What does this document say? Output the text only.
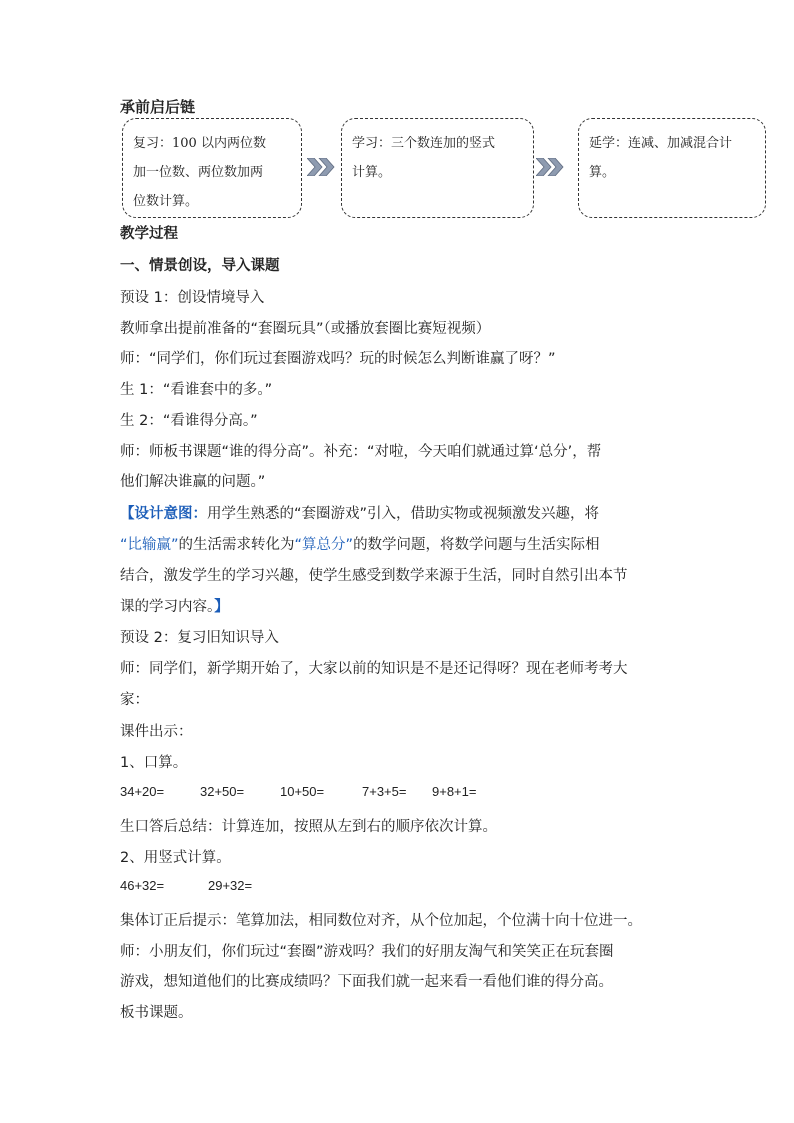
承前启后链
复习：100 以内两位数
加一位数、两位数加两
位数计算。
学习：三个数连加的竖式
计算。
延学：连减、加减混合计
算。
教学过程
一、情景创设，导入课题
预设 1：创设情境导入
教师拿出提前准备的“套圈玩具”（或播放套圈比赛短视频）
师：“同学们，你们玩过套圈游戏吗？玩的时候怎么判断谁赢了呀？”
生 1：“看谁套中的多。”
生 2：“看谁得分高。”
师：师板书课题“谁的得分高”。补充：“对啦，今天咱们就通过算‘总分’，帮
他们解决谁赢的问题。”
【设计意图：用学生熟悉的“套圈游戏”引入，借助实物或视频激发兴趣，将
“比输赢”的生活需求转化为“算总分”的数学问题，将数学问题与生活实际相
结合，激发学生的学习兴趣，使学生感受到数学来源于生活，同时自然引出本节
课的学习内容。】
预设 2：复习旧知识导入
师：同学们，新学期开始了，大家以前的知识是不是还记得呀？现在老师考考大
家：
课件出示：
1、口算。
34+20=	32+50=	10+50=	7+3+5= 9+8+1=
生口答后总结：计算连加，按照从左到右的顺序依次计算。
2、用竖式计算。
46+32=	29+32=
集体订正后提示：笔算加法，相同数位对齐，从个位加起，个位满十向十位进一。
师：小朋友们，你们玩过“套圈”游戏吗？我们的好朋友淘气和笑笑正在玩套圈
游戏，想知道他们的比赛成绩吗？下面我们就一起来看一看他们谁的得分高。
板书课题。
